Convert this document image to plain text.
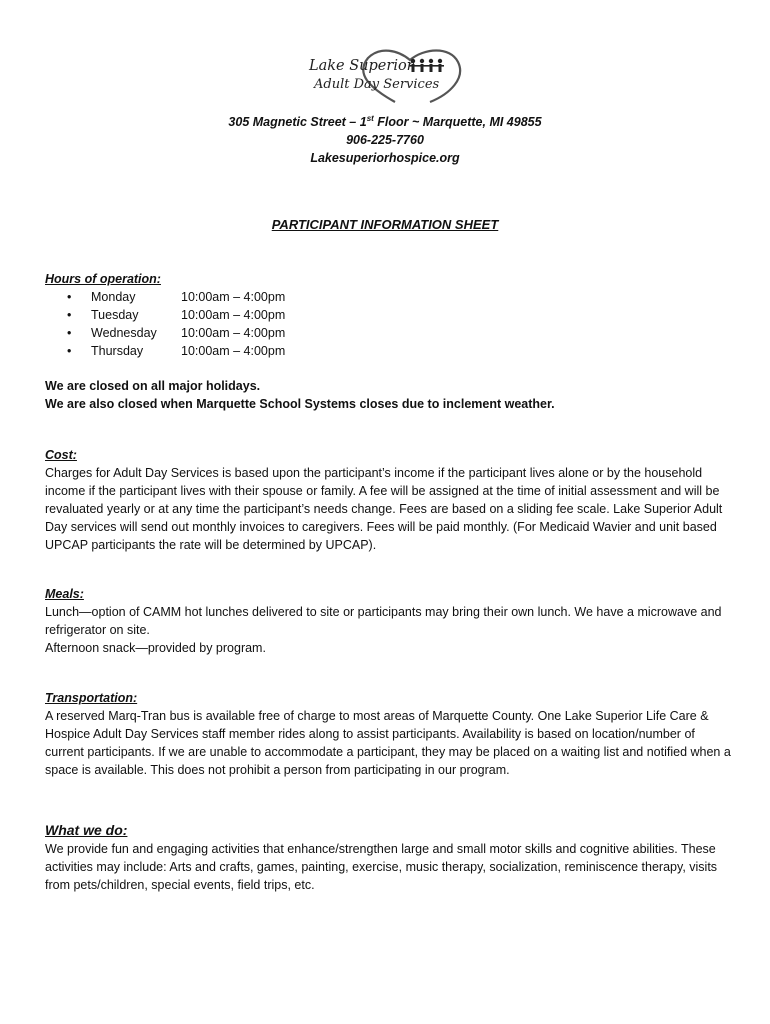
Lake Superior
Adult Day Services
305 Magnetic Street – 1st Floor ~ Marquette, MI 49855
906-225-7760
Lakesuperiorhospice.org
PARTICIPANT INFORMATION SHEET
Hours of operation:
• Monday	10:00am – 4:00pm
• Tuesday	10:00am – 4:00pm
• Wednesday 10:00am – 4:00pm
• Thursday	10:00am – 4:00pm

We are closed on all major holidays.

We are also closed when Marquette School Systems closes due to inclement weather.

Cost:

Charges for Adult Day Services is based upon the participant’s income if the participant lives alone or by the household income if the participant lives with their spouse or family. A fee will be assigned at the time of initial assessment and will be revaluated yearly or at any time the participant’s needs change. Fees are based on a sliding fee scale. Lake Superior Adult Day services will send out monthly invoices to caregivers. Fees will be paid monthly. (For Medicaid Wavier and unit based UPCAP participants the rate will be determined by UPCAP).

Meals:

Lunch—option of CAMM hot lunches delivered to site or participants may bring their own lunch. We have a microwave and refrigerator on site.

Afternoon snack—provided by program.

Transportation:

A reserved Marq-Tran bus is available free of charge to most areas of Marquette County. One Lake Superior Life Care & Hospice Adult Day Services staff member rides along to assist participants. Availability is based on location/number of current participants. If we are unable to accommodate a participant, they may be placed on a waiting list and notified when a space is available. This does not prohibit a person from participating in our program.

What we do:

We provide fun and engaging activities that enhance/strengthen large and small motor skills and cognitive abilities. These activities may include: Arts and crafts, games, painting, exercise, music therapy, socialization, reminiscence therapy, visits from pets/children, special events, field trips, etc.
